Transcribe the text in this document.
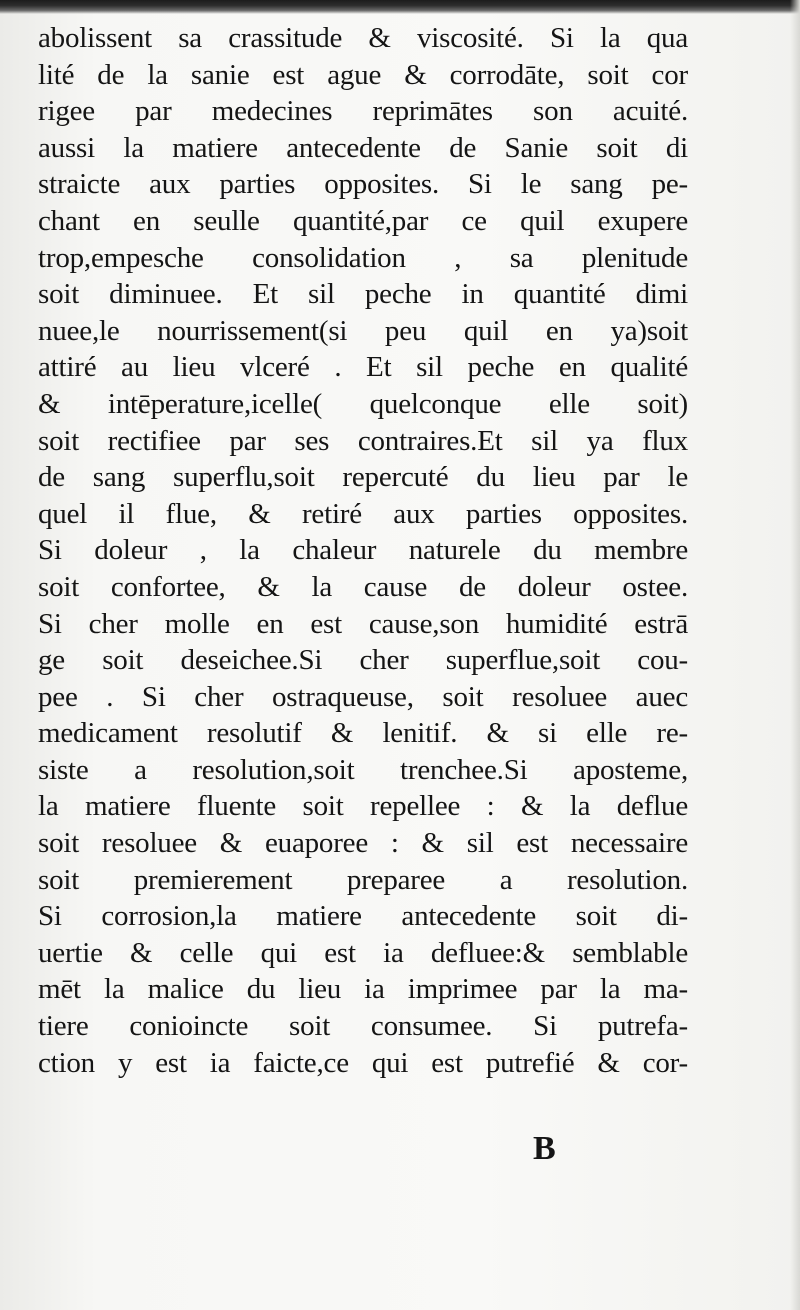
abolissent sa crassitude & viscosité. Si la qua
lité de la sanie est ague & corrodāte, soit cor
rigee par medecines reprimātes son acuité.
aussi la matiere antecedente de Sanie soit di
straicte aux parties opposites. Si le sang pe-
chant en seulle quantité,par ce quil exupere
trop,empesche consolidation , sa plenitude
soit diminuee. Et sil peche in quantité dimi
nuee,le nourrissement(si peu quil en ya)soit
attiré au lieu vlceré . Et sil peche en qualité
& intēperature,icelle( quelconque elle soit)
soit rectifiee par ses contraires.Et sil ya flux
de sang superflu,soit repercuté du lieu par le
quel il flue, & retiré aux parties opposites.
Si doleur , la chaleur naturele du membre
soit confortee, & la cause de doleur ostee.
Si cher molle en est cause,son humidité estrā
ge soit deseichee.Si cher superflue,soit cou-
pee . Si cher ostraqueuse, soit resoluee auec
medicament resolutif & lenitif. & si elle re-
siste a resolution,soit trenchee.Si aposteme,
la matiere fluente soit repellee : & la deflue
soit resoluee & euaporee : & sil est necessaire
soit premierement preparee a resolution.
Si corrosion,la matiere antecedente soit di-
uertie & celle qui est ia defluee:& semblable
mēt la malice du lieu ia imprimee par la ma-
tiere conioincte soit consumee. Si putrefa-
ction y est ia faicte,ce qui est putrefié & cor-
B
